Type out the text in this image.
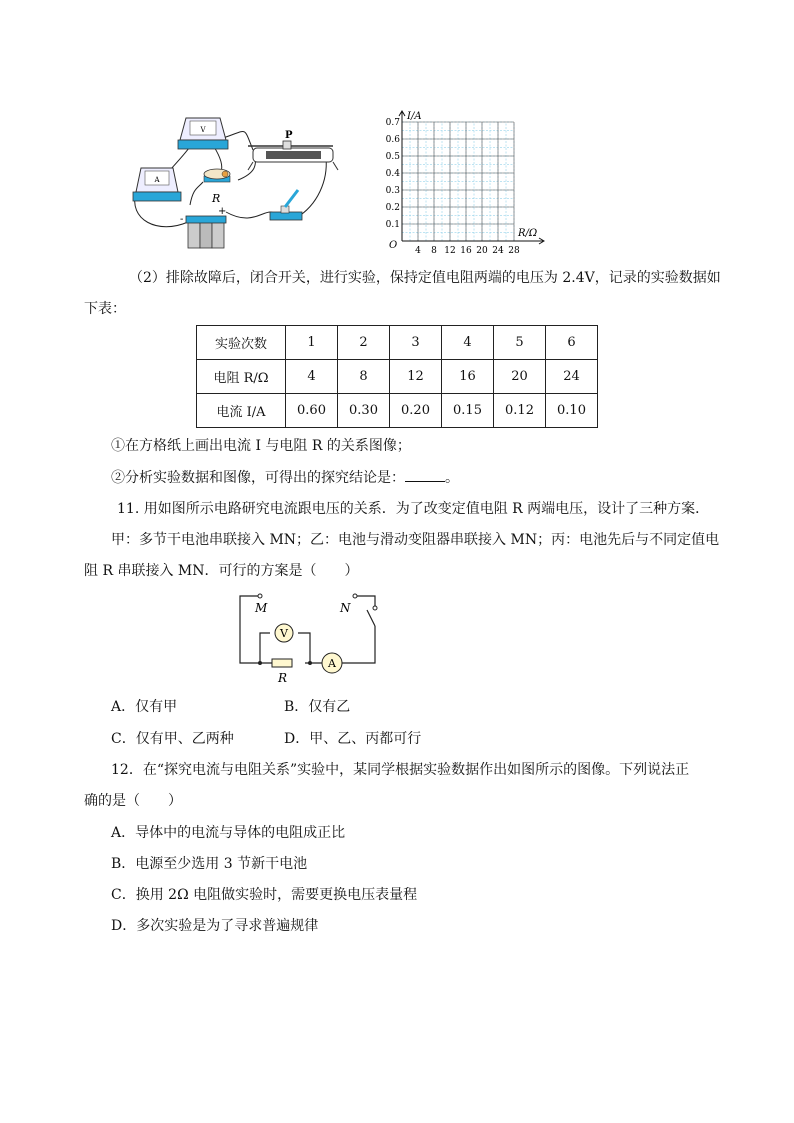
V
A
R
P
-
+
0.7
0.6
0.5
0.4
0.3
0.2
0.1
4 8 12 16 20 24 28
I/A
R/Ω
O
（2）排除故障后，闭合开关，进行实验，保持定值电阻两端的电压为 2.4V，记录的实验数据如
下表：
实验次数	1	2	3	4	5	6
电阻 R/Ω	4	8	12	16	20	24
电流 I/A	0.60	0.30	0.20	0.15	0.12	0.10
①在方格纸上画出电流 I 与电阻 R 的关系图像；
②分析实验数据和图像，可得出的探究结论是：	。
11. 用如图所示电路研究电流跟电压的关系．为了改变定值电阻 R 两端电压，设计了三种方案．
甲：多节干电池串联接入 MN；乙：电池与滑动变阻器串联接入 MN；丙：电池先后与不同定值电
阻 R 串联接入 MN．可行的方案是（　　）
V
A
M	N
R
A．仅有甲	B．仅有乙
C．仅有甲、乙两种	D．甲、乙、丙都可行
12．在“探究电流与电阻关系”实验中，某同学根据实验数据作出如图所示的图像。下列说法正
确的是（　　）
A．导体中的电流与导体的电阻成正比
B．电源至少选用 3 节新干电池
C．换用 2Ω 电阻做实验时，需要更换电压表量程
D．多次实验是为了寻求普遍规律
